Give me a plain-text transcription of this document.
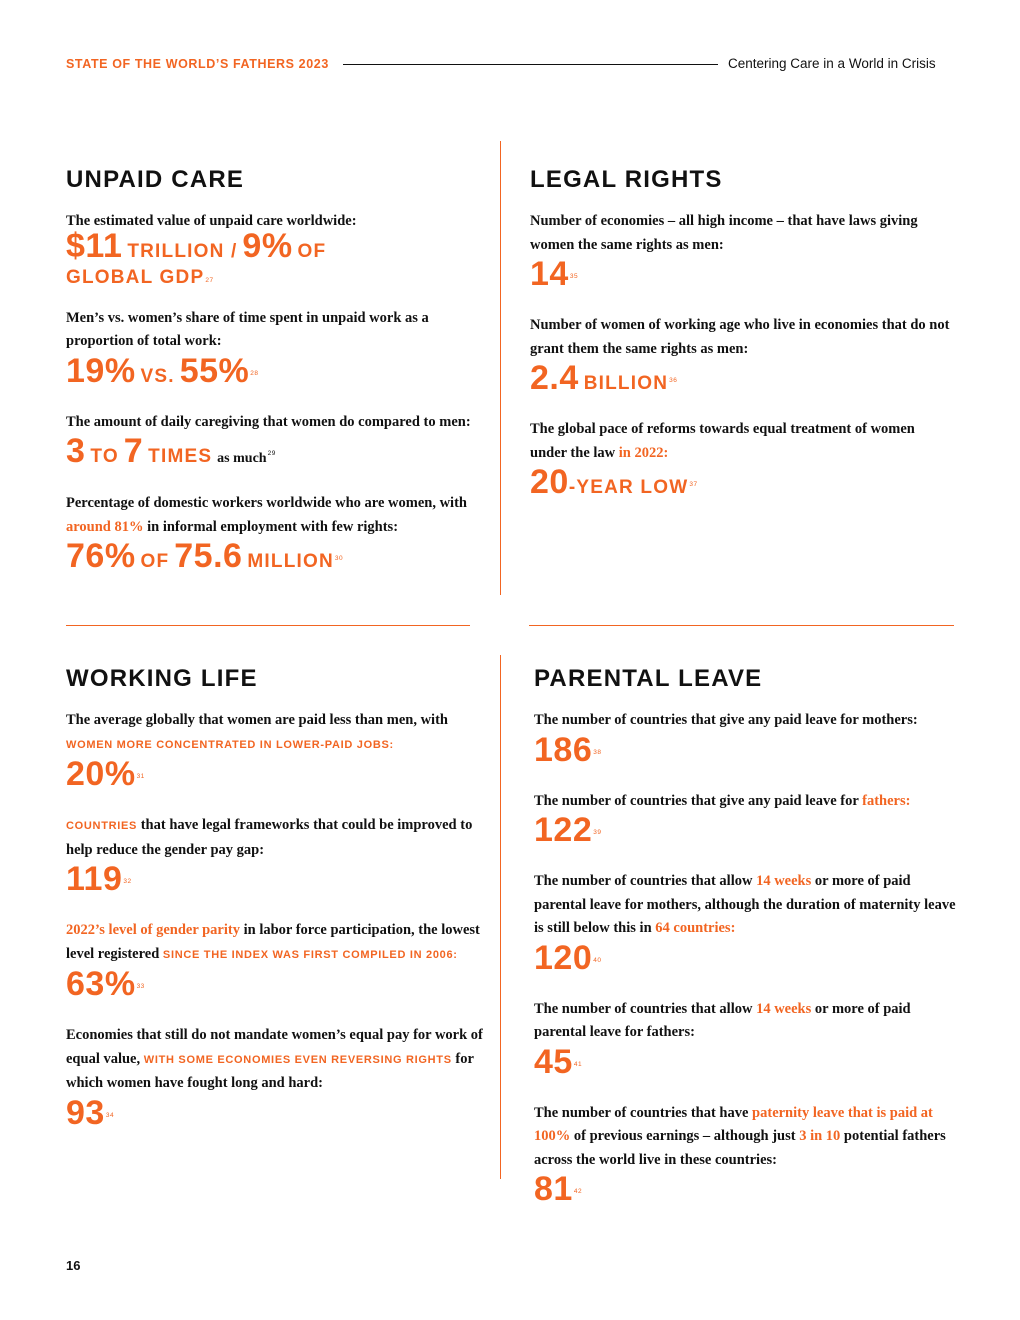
STATE OF THE WORLD’S FATHERS 2023	Centering Care in a World in Crisis
UNPAID CARE
The estimated value of unpaid care worldwide:
$11 TRILLION / 9% OF
GLOBAL GDP$^{27}$
Men’s vs. women’s share of time spent in unpaid work as a proportion of total work:
19% VS. 55%$^{28}$
The amount of daily caregiving that women do compared to men:
3 TO 7 TIMES as much$^{29}$
Percentage of domestic workers worldwide who are women, with around 81% in informal employment with few rights:
76% OF 75.6 MILLION$^{30}$
LEGAL RIGHTS
Number of economies – all high income – that have laws giving women the same rights as men:
14$^{35}$
Number of women of working age who live in economies that do not grant them the same rights as men:
2.4 BILLION$^{36}$
The global pace of reforms towards equal treatment of women under the law in 2022:
20-YEAR LOW$^{37}$
WORKING LIFE
The average globally that women are paid less than men, with
WOMEN MORE CONCENTRATED IN LOWER-PAID JOBS:
20%$^{31}$
COUNTRIES that have legal frameworks that could be improved to help reduce the gender pay gap:
119$^{32}$
2022’s level of gender parity in labor force participation, the lowest level registered SINCE THE INDEX WAS FIRST COMPILED IN 2006:
63%$^{33}$
Economies that still do not mandate women’s equal pay for work of equal value, WITH SOME ECONOMIES EVEN REVERSING RIGHTS for which women have fought long and hard:
93$^{34}$
PARENTAL LEAVE
The number of countries that give any paid leave for mothers:
186$^{38}$
The number of countries that give any paid leave for fathers:
122$^{39}$
The number of countries that allow 14 weeks or more of paid parental leave for mothers, although the duration of maternity leave is still below this in 64 countries:
120$^{40}$
The number of countries that allow 14 weeks or more of paid parental leave for fathers:
45$^{41}$
The number of countries that have paternity leave that is paid at 100% of previous earnings – although just 3 in 10 potential fathers across the world live in these countries:
81$^{42}$
16
